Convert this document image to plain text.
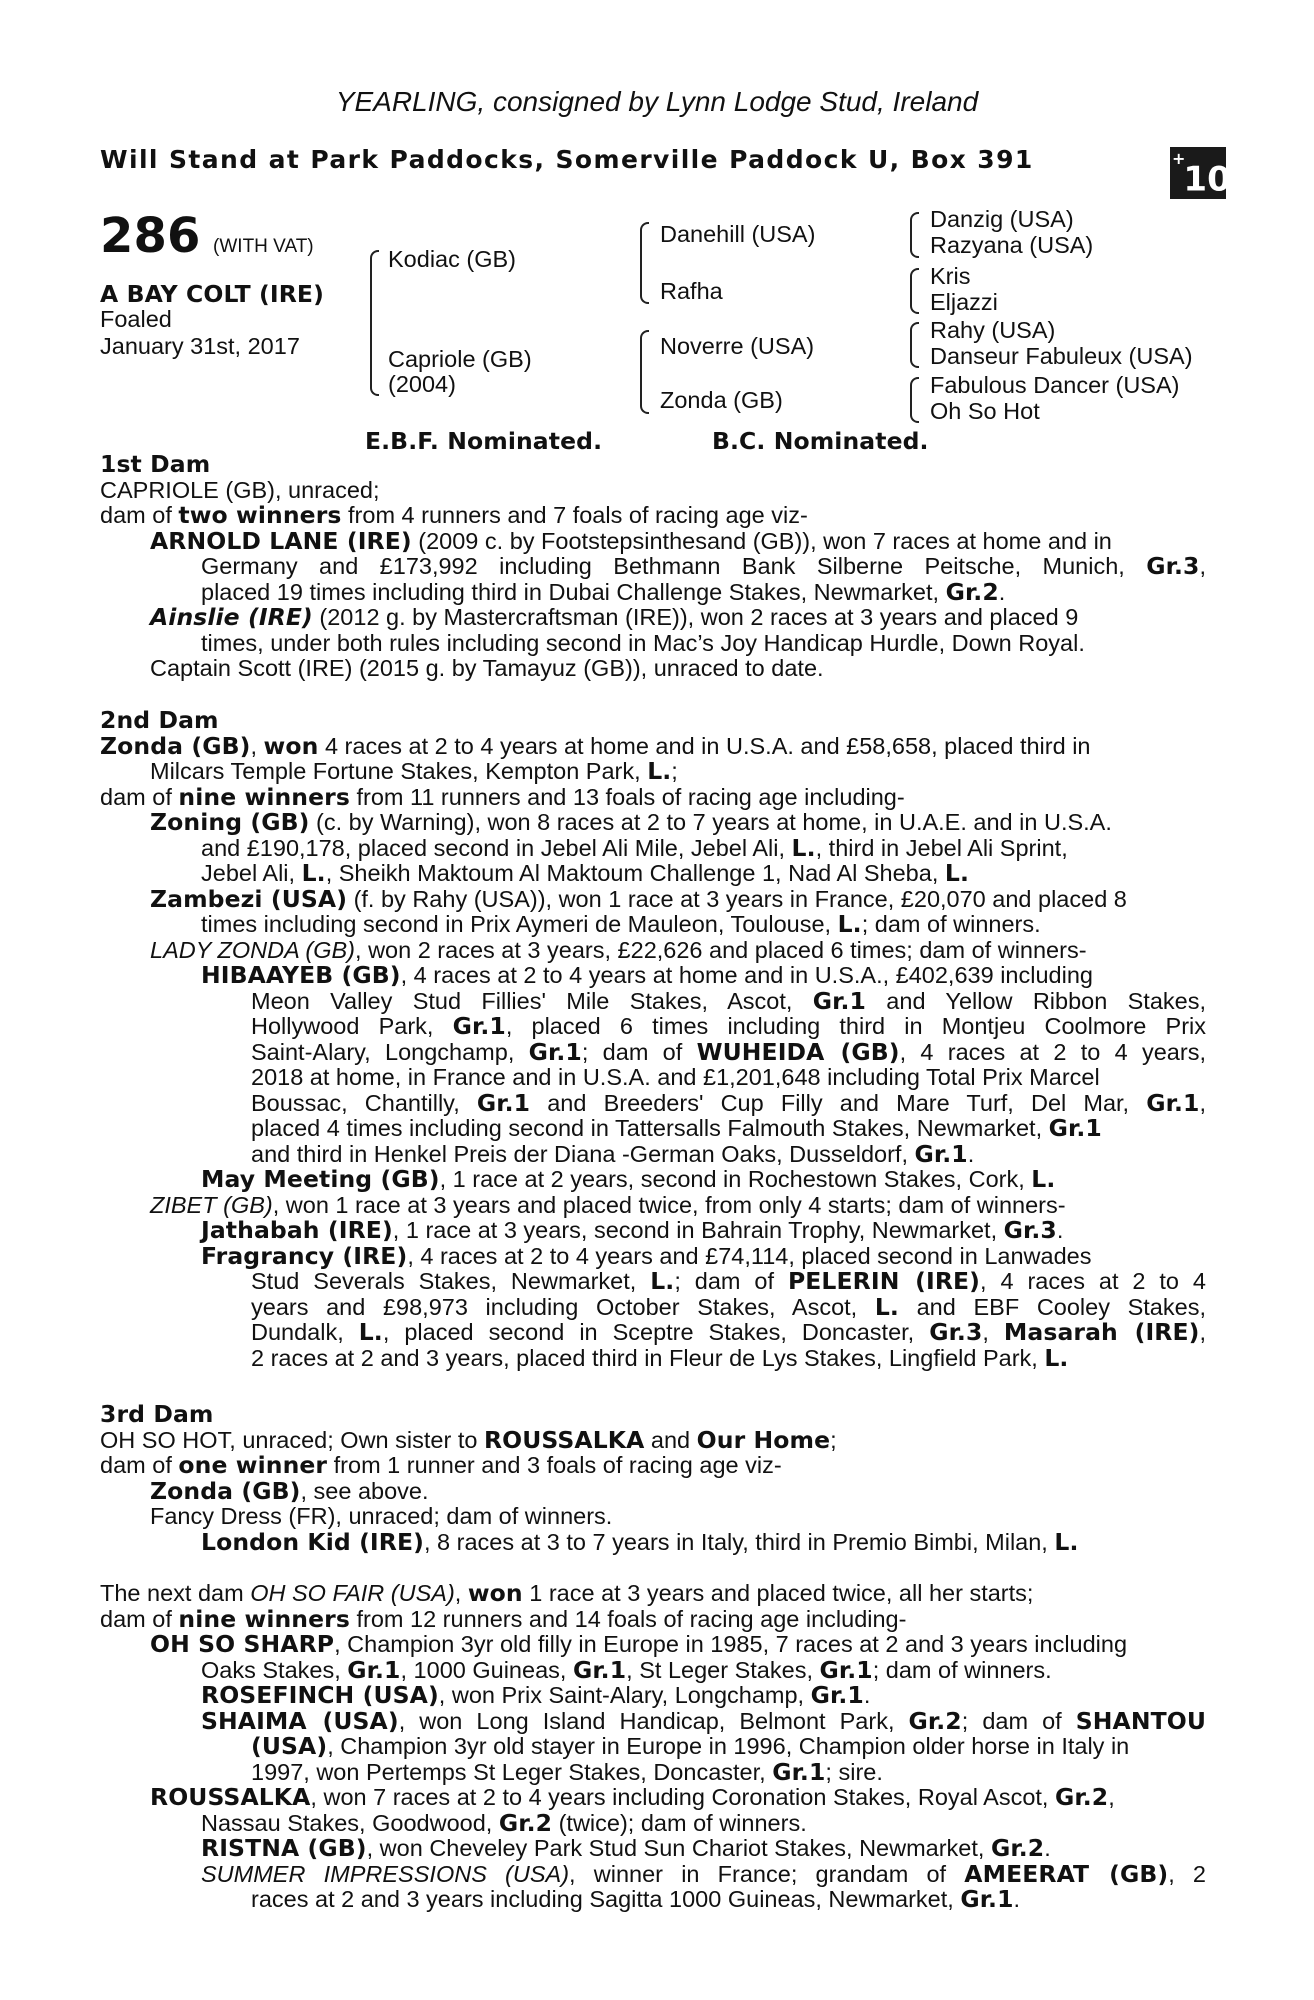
YEARLING, consigned by Lynn Lodge Stud, Ireland
Will Stand at Park Paddocks, Somerville Paddock U, Box 391	+10
286 (WITH VAT)
A BAY COLT (IRE)
Foaled
January 31st, 2017
Kodiac (GB)
Capriole (GB)
(2004)
Danehill (USA)
Rafha
Noverre (USA)
Zonda (GB)
Danzig (USA)
Razyana (USA)
Kris
Eljazzi
Rahy (USA)
Danseur Fabuleux (USA)
Fabulous Dancer (USA)
Oh So Hot
E.B.F. Nominated.	B.C. Nominated.
1st Dam
CAPRIOLE (GB), unraced;
dam of two winners from 4 runners and 7 foals of racing age viz-
ARNOLD LANE (IRE) (2009 c. by Footstepsinthesand (GB)), won 7 races at home and in
Germany and £173,992 including Bethmann Bank Silberne Peitsche, Munich, Gr.3,
placed 19 times including third in Dubai Challenge Stakes, Newmarket, Gr.2.
Ainslie (IRE) (2012 g. by Mastercraftsman (IRE)), won 2 races at 3 years and placed 9
times, under both rules including second in Mac’s Joy Handicap Hurdle, Down Royal.
Captain Scott (IRE) (2015 g. by Tamayuz (GB)), unraced to date.
2nd Dam
Zonda (GB), won 4 races at 2 to 4 years at home and in U.S.A. and £58,658, placed third in
Milcars Temple Fortune Stakes, Kempton Park, L.;
dam of nine winners from 11 runners and 13 foals of racing age including-
Zoning (GB) (c. by Warning), won 8 races at 2 to 7 years at home, in U.A.E. and in U.S.A.
and £190,178, placed second in Jebel Ali Mile, Jebel Ali, L., third in Jebel Ali Sprint,
Jebel Ali, L., Sheikh Maktoum Al Maktoum Challenge 1, Nad Al Sheba, L.
Zambezi (USA) (f. by Rahy (USA)), won 1 race at 3 years in France, £20,070 and placed 8
times including second in Prix Aymeri de Mauleon, Toulouse, L.; dam of winners.
LADY ZONDA (GB), won 2 races at 3 years, £22,626 and placed 6 times; dam of winners-
HIBAAYEB (GB), 4 races at 2 to 4 years at home and in U.S.A., £402,639 including
Meon Valley Stud Fillies' Mile Stakes, Ascot, Gr.1 and Yellow Ribbon Stakes,
Hollywood Park, Gr.1, placed 6 times including third in Montjeu Coolmore Prix
Saint-Alary, Longchamp, Gr.1; dam of WUHEIDA (GB), 4 races at 2 to 4 years,
2018 at home, in France and in U.S.A. and £1,201,648 including Total Prix Marcel
Boussac, Chantilly, Gr.1 and Breeders' Cup Filly and Mare Turf, Del Mar, Gr.1,
placed 4 times including second in Tattersalls Falmouth Stakes, Newmarket, Gr.1
and third in Henkel Preis der Diana -German Oaks, Dusseldorf, Gr.1.
May Meeting (GB), 1 race at 2 years, second in Rochestown Stakes, Cork, L.
ZIBET (GB), won 1 race at 3 years and placed twice, from only 4 starts; dam of winners-
Jathabah (IRE), 1 race at 3 years, second in Bahrain Trophy, Newmarket, Gr.3.
Fragrancy (IRE), 4 races at 2 to 4 years and £74,114, placed second in Lanwades
Stud Severals Stakes, Newmarket, L.; dam of PELERIN (IRE), 4 races at 2 to 4
years and £98,973 including October Stakes, Ascot, L. and EBF Cooley Stakes,
Dundalk, L., placed second in Sceptre Stakes, Doncaster, Gr.3, Masarah (IRE),
2 races at 2 and 3 years, placed third in Fleur de Lys Stakes, Lingfield Park, L.
3rd Dam
OH SO HOT, unraced; Own sister to ROUSSALKA and Our Home;
dam of one winner from 1 runner and 3 foals of racing age viz-
Zonda (GB), see above.
Fancy Dress (FR), unraced; dam of winners.
London Kid (IRE), 8 races at 3 to 7 years in Italy, third in Premio Bimbi, Milan, L.
The next dam OH SO FAIR (USA), won 1 race at 3 years and placed twice, all her starts;
dam of nine winners from 12 runners and 14 foals of racing age including-
OH SO SHARP, Champion 3yr old filly in Europe in 1985, 7 races at 2 and 3 years including
Oaks Stakes, Gr.1, 1000 Guineas, Gr.1, St Leger Stakes, Gr.1; dam of winners.
ROSEFINCH (USA), won Prix Saint-Alary, Longchamp, Gr.1.
SHAIMA (USA), won Long Island Handicap, Belmont Park, Gr.2; dam of SHANTOU
(USA), Champion 3yr old stayer in Europe in 1996, Champion older horse in Italy in
1997, won Pertemps St Leger Stakes, Doncaster, Gr.1; sire.
ROUSSALKA, won 7 races at 2 to 4 years including Coronation Stakes, Royal Ascot, Gr.2,
Nassau Stakes, Goodwood, Gr.2 (twice); dam of winners.
RISTNA (GB), won Cheveley Park Stud Sun Chariot Stakes, Newmarket, Gr.2.
SUMMER IMPRESSIONS (USA), winner in France; grandam of AMEERAT (GB), 2
races at 2 and 3 years including Sagitta 1000 Guineas, Newmarket, Gr.1.
